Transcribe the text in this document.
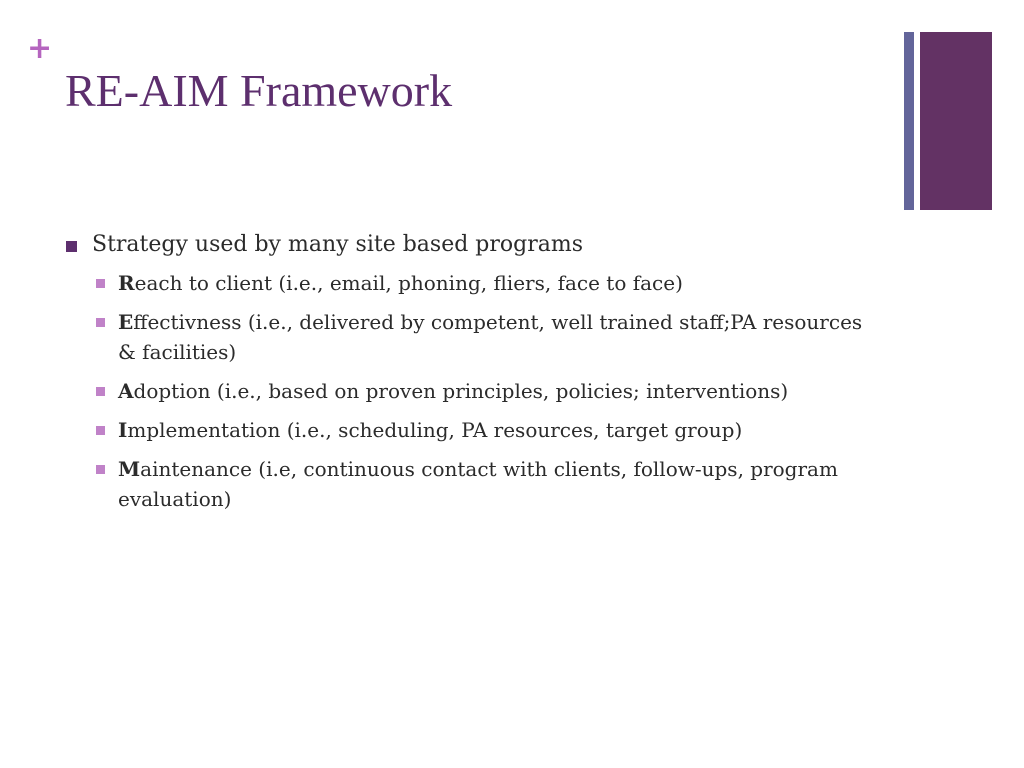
+
RE-AIM Framework

Strategy used by many site based programs

Reach to client (i.e., email, phoning, fliers, face to face)
Effectivness (i.e., delivered by competent, well trained staff;PA resources & facilities)
Adoption (i.e., based on proven principles, policies; interventions)
Implementation (i.e., scheduling, PA resources, target group)
Maintenance (i.e, continuous contact with clients, follow-ups, program evaluation)
